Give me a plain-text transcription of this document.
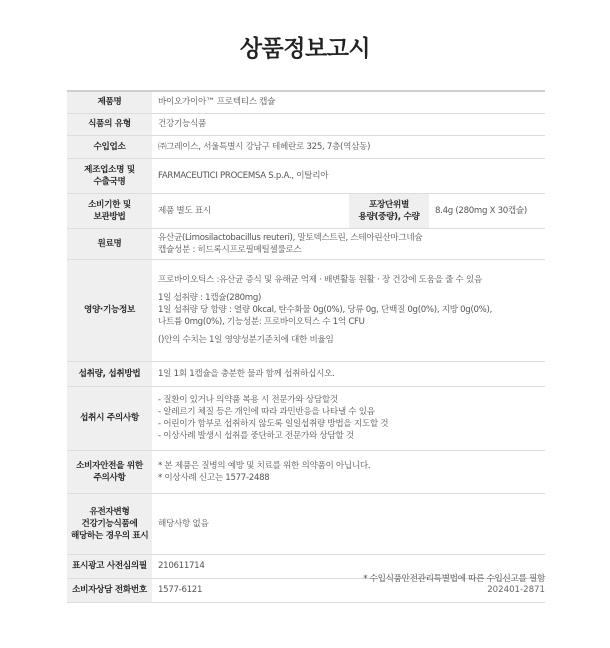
상품정보고시
제품명	바이오가이아™ 프로텍티스 캡슐		
식품의 유형	건강기능식품		
수입업소	㈜그레이스, 서울특별시 강남구 테헤란로 325, 7층(역삼동)		

제조업소명 및
수출국명	FARMACEUTICI PROCEMSA S.p.A., 이탈리아		

소비기한 및
보관방법	제품 별도 표시	포장단위별
용량(중량), 수량	8.4g (280mg X 30캡슐)
원료명	유산균(Limosilactobacillus reuteri), 말토덱스트린, 스테아린산마그네슘
캡슐성분 : 히드록시프로필메틸셀룰로스		

영양·기능정보	프로바이오틱스 :유산균 증식 및 유해균 억제 · 배변활동 원활 · 장 건강에 도움을 줄 수 있음
1일 섭취량 : 1캡슐(280mg)
1일 섭취량 당 함량 : 열량 0kcal, 탄수화물 0g(0%), 당류 0g, 단백질 0g(0%), 지방 0g(0%),
나트륨 0mg(0%), 기능성분: 프로바이오틱스 수 1억 CFU
()안의 수치는 1일 영양성분기준치에 대한 비율임		

섭취량, 섭취방법	1일 1회 1캡슐을 충분한 물과 함께 섭취하십시오.		
섭취시 주의사항	- 질환이 있거나 의약품 복용 시 전문가와 상담할것
- 알레르기 체질 등은 개인에 따라 과민반응을 나타낼 수 있음
- 어린이가 함부로 섭취하지 않도록 일일섭취량 방법을 지도할 것
- 이상사례 발생시 섭취를 중단하고 전문가와 상담할 것		

소비자안전을 위한
주의사항	* 본 제품은 질병의 예방 및 치료를 위한 의약품이 아닙니다.
* 이상사례 신고는 1577-2488		

유전자변형
건강기능식품에
해당하는 경우의 표시	해당사항 없음		
표시광고 사전심의필	210611714		
소비자상담 전화번호	1577-6121		
* 수입식품안전관리특별법에 따른 수입신고를 필함
202401-2871
